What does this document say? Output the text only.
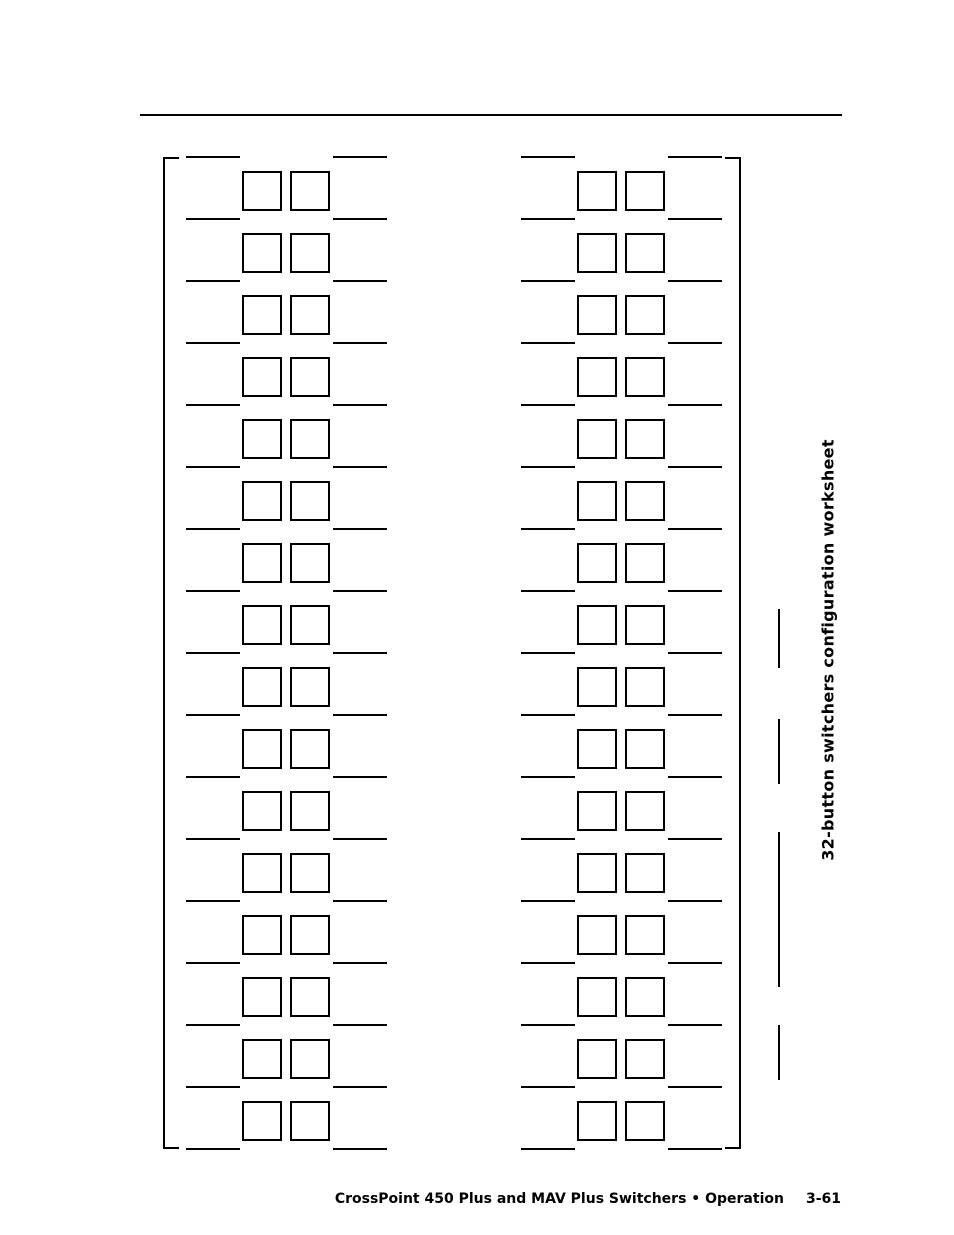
32-button switchers configuration worksheet
CrossPoint 450 Plus and MAV Plus Switchers • Operation 3-61
